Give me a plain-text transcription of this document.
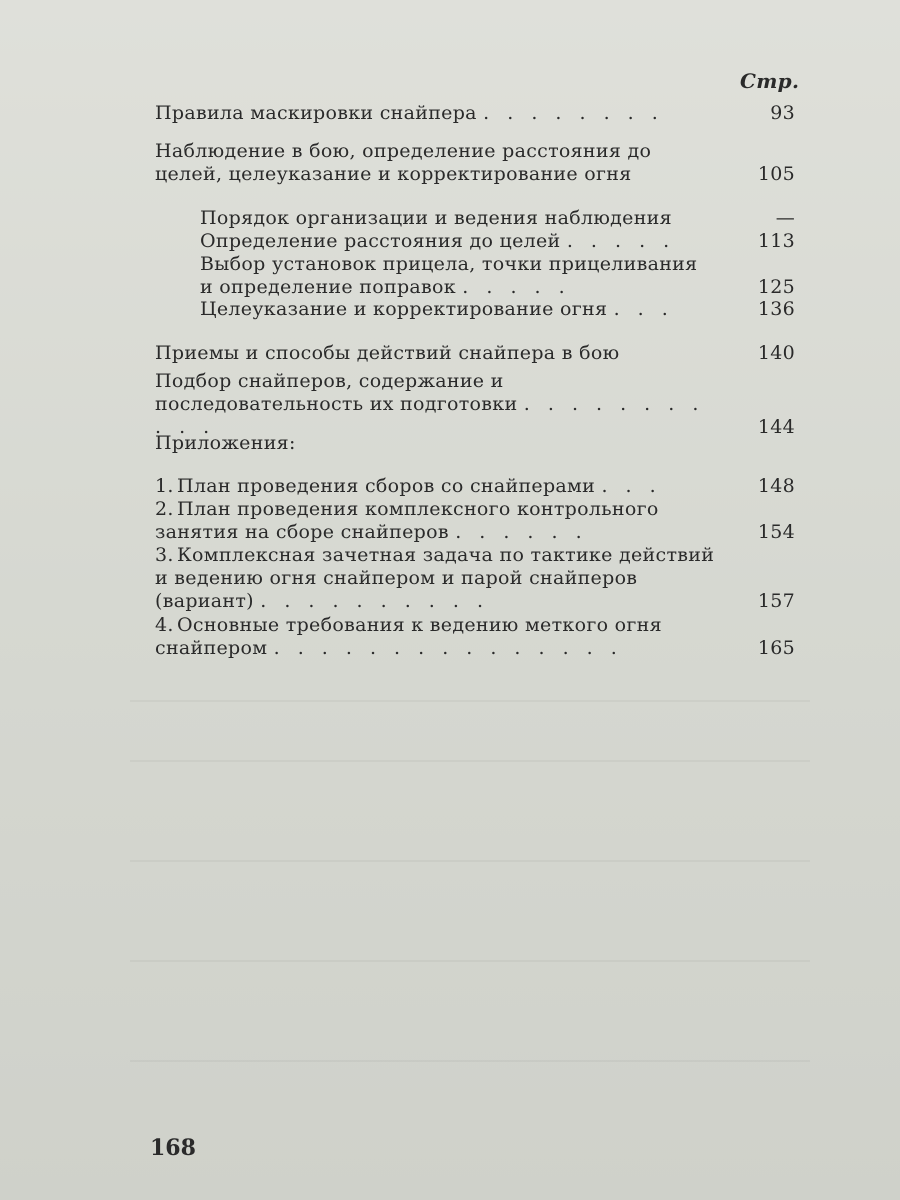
Стр.
Правила маскировки снайпера . . . . . . . .	93
Наблюдение в бою, определение расстояния до целей, целеуказание и корректирование огня	105
Порядок организации и ведения наблюдения	—
Определение расстояния до целей . . . . .	113
Выбор установок прицела, точки прицеливания и определение поправок . . . . .	125
Целеуказание и корректирование огня . . .	136
Приемы и способы действий снайпера в бою	140
Подбор снайперов, содержание и последовательность их подготовки . . . . . . . . . . .	144
Приложения:
1. План проведения сборов со снайперами . . .	148
2. План проведения комплексного контрольного занятия на сборе снайперов . . . . . .	154
3. Комплексная зачетная задача по тактике действий и ведению огня снайпером и парой снайперов (вариант) . . . . . . . . . .	157
4. Основные требования к ведению меткого огня снайпером . . . . . . . . . . . . . . .	165
168
